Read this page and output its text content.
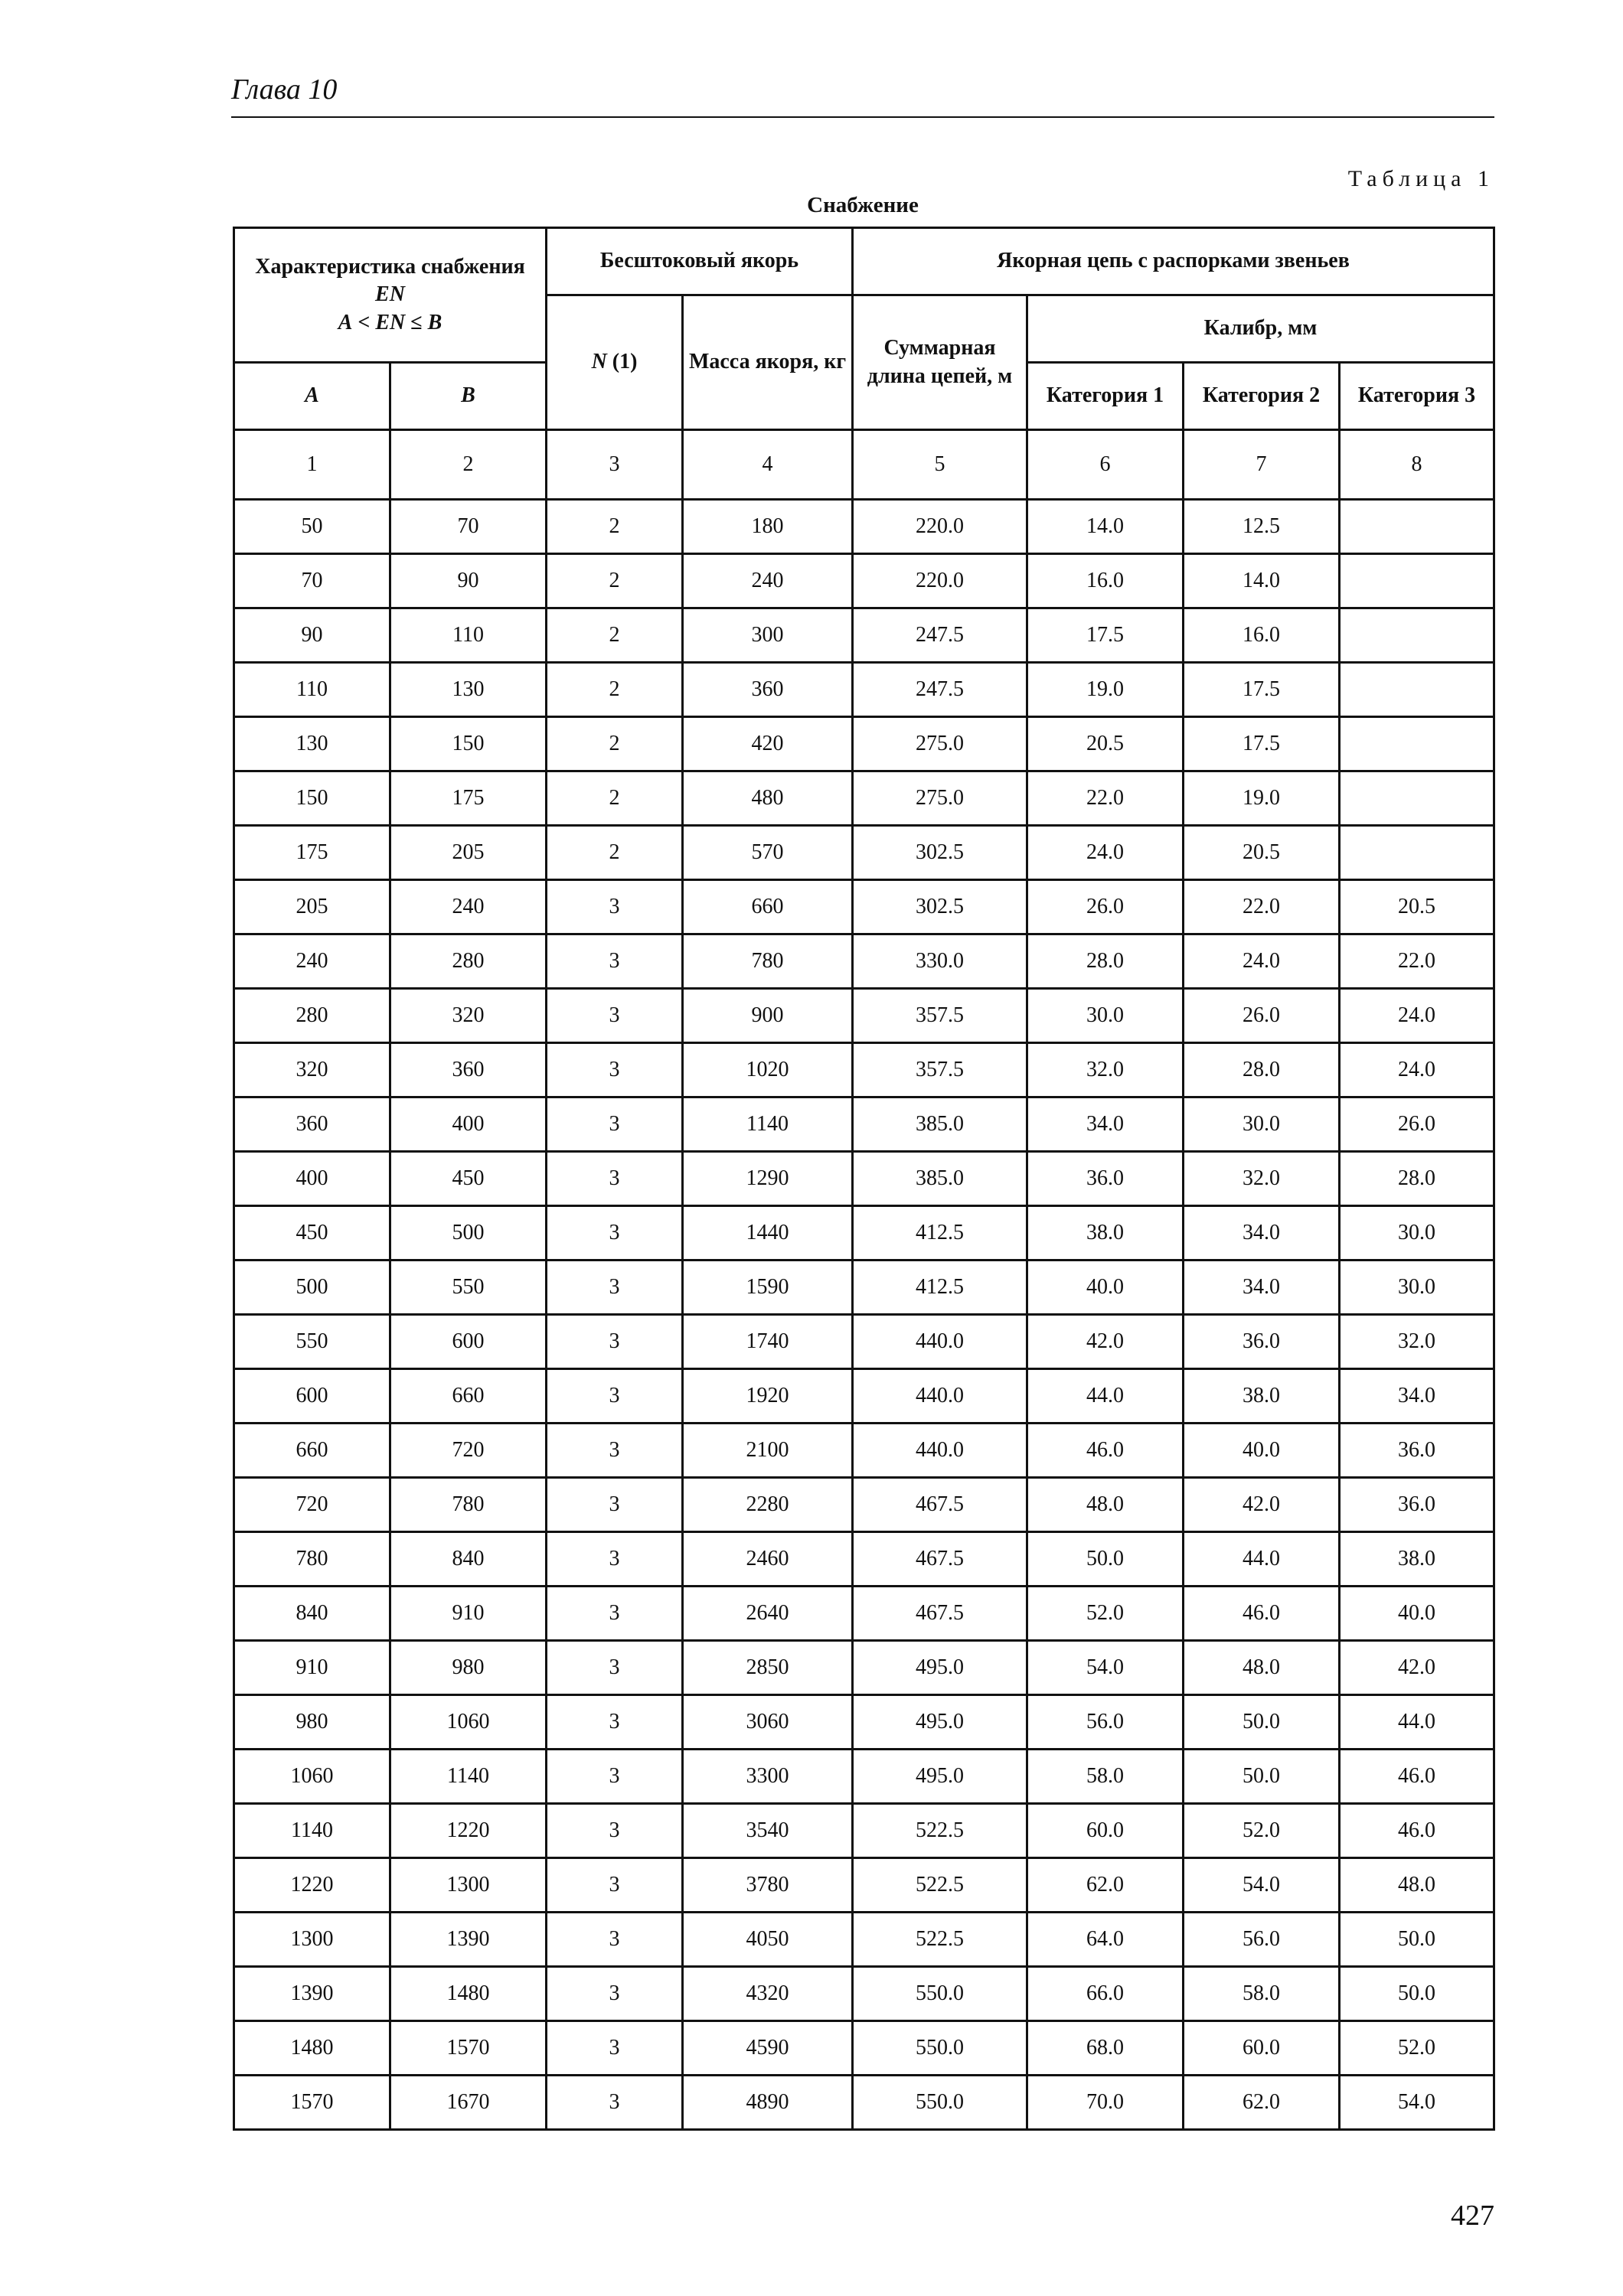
Глава 10
Таблица 1
Снабжение
Характеристика снабжения
EN
A < EN ≤ B		Бесштоковый якорь		Якорная цепь с распорками звеньев			
		N (1)	Масса якоря, кг	Суммарная длина цепей, м	Калибр, мм		
A	B				Категория 1	Категория 2	Категория 3
1	2	3	4	5	6	7	8
50	70	2	180	220.0	14.0	12.5	
70	90	2	240	220.0	16.0	14.0	
90	110	2	300	247.5	17.5	16.0	
110	130	2	360	247.5	19.0	17.5	
130	150	2	420	275.0	20.5	17.5	
150	175	2	480	275.0	22.0	19.0	
175	205	2	570	302.5	24.0	20.5	
205	240	3	660	302.5	26.0	22.0	20.5
240	280	3	780	330.0	28.0	24.0	22.0
280	320	3	900	357.5	30.0	26.0	24.0
320	360	3	1020	357.5	32.0	28.0	24.0
360	400	3	1140	385.0	34.0	30.0	26.0
400	450	3	1290	385.0	36.0	32.0	28.0
450	500	3	1440	412.5	38.0	34.0	30.0
500	550	3	1590	412.5	40.0	34.0	30.0
550	600	3	1740	440.0	42.0	36.0	32.0
600	660	3	1920	440.0	44.0	38.0	34.0
660	720	3	2100	440.0	46.0	40.0	36.0
720	780	3	2280	467.5	48.0	42.0	36.0
780	840	3	2460	467.5	50.0	44.0	38.0
840	910	3	2640	467.5	52.0	46.0	40.0
910	980	3	2850	495.0	54.0	48.0	42.0
980	1060	3	3060	495.0	56.0	50.0	44.0
1060	1140	3	3300	495.0	58.0	50.0	46.0
1140	1220	3	3540	522.5	60.0	52.0	46.0
1220	1300	3	3780	522.5	62.0	54.0	48.0
1300	1390	3	4050	522.5	64.0	56.0	50.0
1390	1480	3	4320	550.0	66.0	58.0	50.0
1480	1570	3	4590	550.0	68.0	60.0	52.0
1570	1670	3	4890	550.0	70.0	62.0	54.0
427
